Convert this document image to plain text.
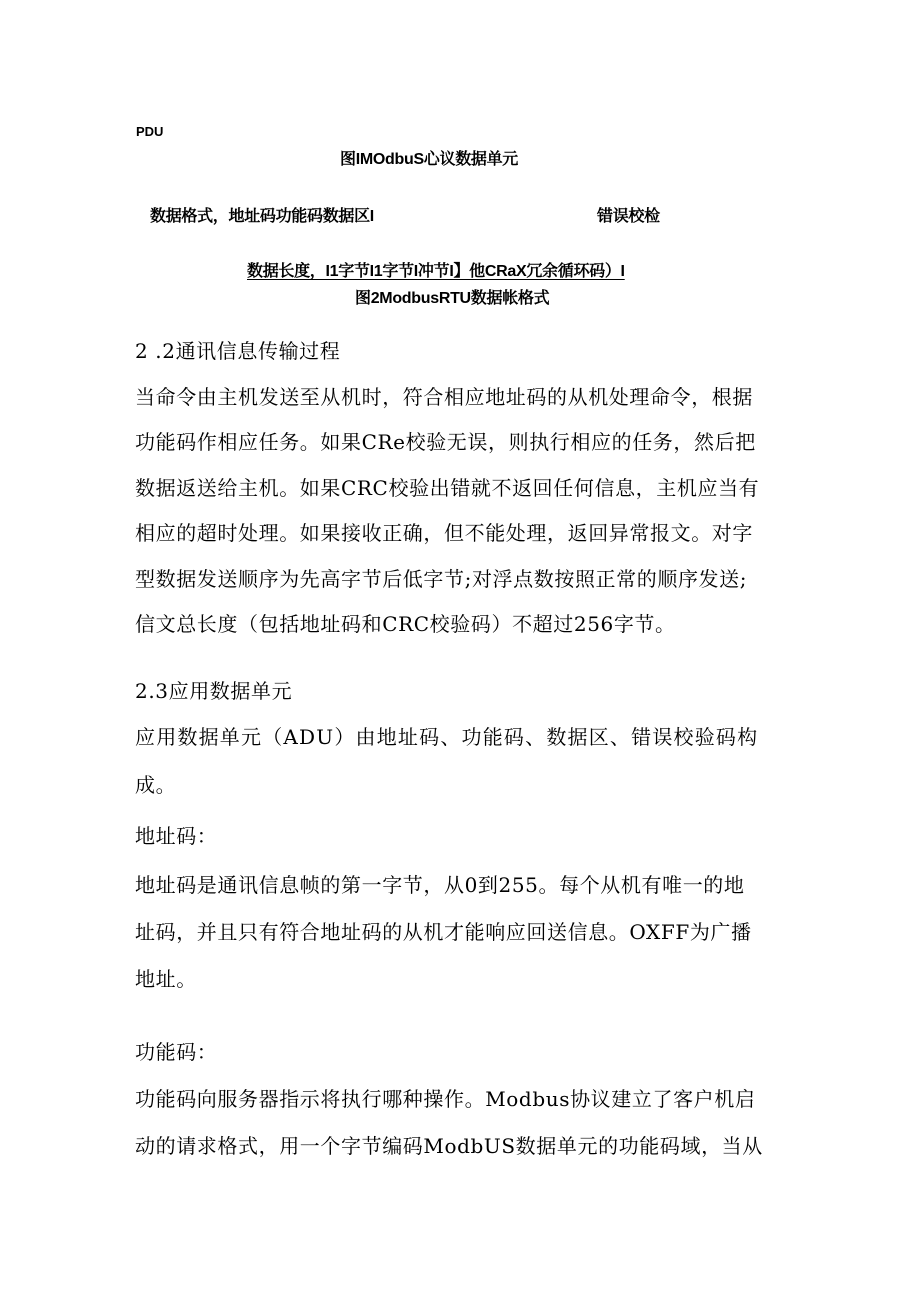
PDU
图IMOdbuS心议数据单元
数据格式，地址码功能码数据区I	错误校检
数据长度，I1字节I1字节I冲节I】他CRaX冗余循环码）I
图2ModbusRTU数据帐格式
2 .2通讯信息传输过程
当命令由主机发送至从机时，符合相应地址码的从机处理命令，根据
功能码作相应任务。如果CRe校验无误，则执行相应的任务，然后把
数据返送给主机。如果CRC校验出错就不返回任何信息，主机应当有
相应的超时处理。如果接收正确，但不能处理，返回异常报文。对字
型数据发送顺序为先高字节后低字节;对浮点数按照正常的顺序发送;
信文总长度（包括地址码和CRC校验码）不超过256字节。
2.3应用数据单元
应用数据单元（ADU）由地址码、功能码、数据区、错误校验码构
成。
地址码：
地址码是通讯信息帧的第一字节，从0到255。每个从机有唯一的地
址码，并且只有符合地址码的从机才能响应回送信息。OXFF为广播
地址。
功能码：
功能码向服务器指示将执行哪种操作。Modbus协议建立了客户机启
动的请求格式，用一个字节编码ModbUS数据单元的功能码域，当从
